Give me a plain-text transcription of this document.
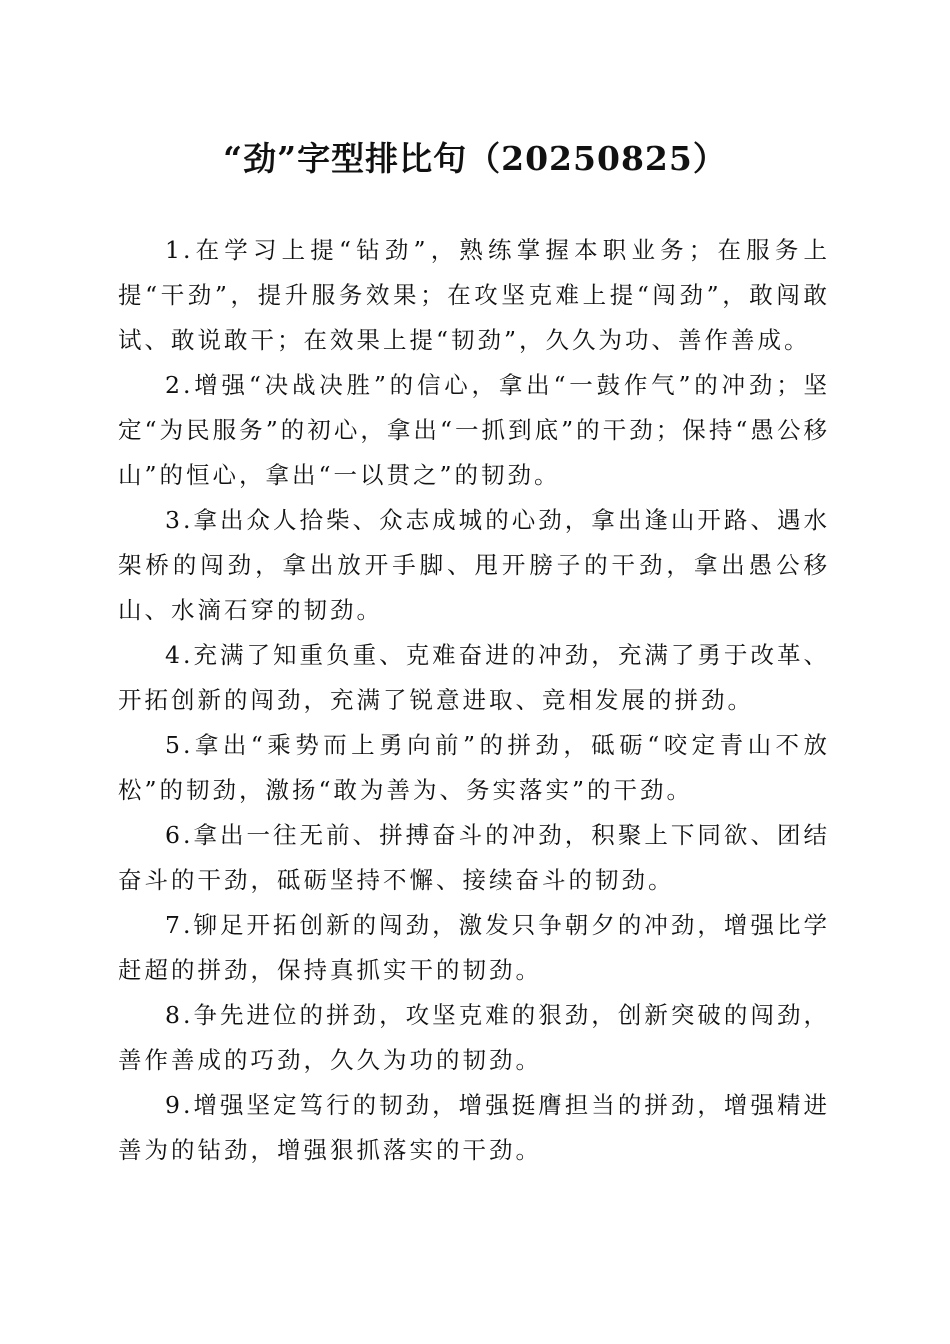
“劲”字型排比句（20250825）

1.在学习上提“钻劲”，熟练掌握本职业务；在服务上提“干劲”，提升服务效果；在攻坚克难上提“闯劲”，敢闯敢试、敢说敢干；在效果上提“韧劲”，久久为功、善作善成。

2.增强“决战决胜”的信心，拿出“一鼓作气”的冲劲；坚定“为民服务”的初心，拿出“一抓到底”的干劲；保持“愚公移山”的恒心，拿出“一以贯之”的韧劲。

3.拿出众人拾柴、众志成城的心劲，拿出逢山开路、遇水架桥的闯劲，拿出放开手脚、甩开膀子的干劲，拿出愚公移山、水滴石穿的韧劲。

4.充满了知重负重、克难奋进的冲劲，充满了勇于改革、开拓创新的闯劲，充满了锐意进取、竞相发展的拼劲。

5.拿出“乘势而上勇向前”的拼劲，砥砺“咬定青山不放松”的韧劲，激扬“敢为善为、务实落实”的干劲。

6.拿出一往无前、拼搏奋斗的冲劲，积聚上下同欲、团结奋斗的干劲，砥砺坚持不懈、接续奋斗的韧劲。

7.铆足开拓创新的闯劲，激发只争朝夕的冲劲，增强比学赶超的拼劲，保持真抓实干的韧劲。

8.争先进位的拼劲，攻坚克难的狠劲，创新突破的闯劲，善作善成的巧劲，久久为功的韧劲。

9.增强坚定笃行的韧劲，增强挺膺担当的拼劲，增强精进善为的钻劲，增强狠抓落实的干劲。
